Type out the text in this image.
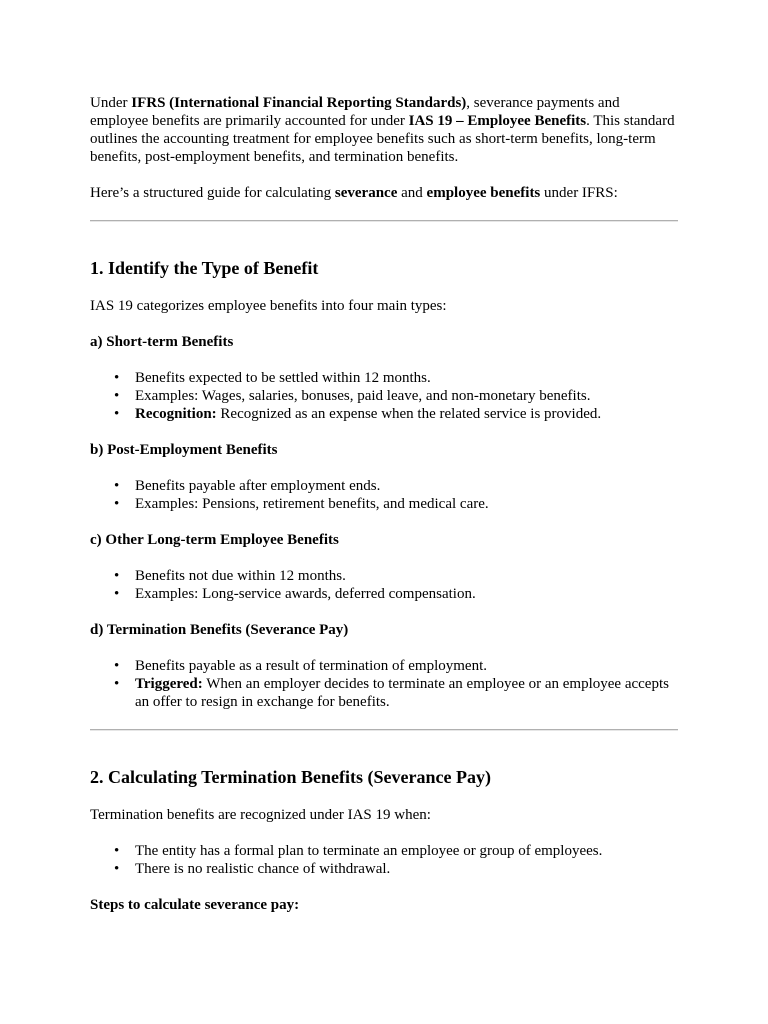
Under IFRS (International Financial Reporting Standards), severance payments and employee benefits are primarily accounted for under IAS 19 – Employee Benefits. This standard outlines the accounting treatment for employee benefits such as short-term benefits, long-term benefits, post-employment benefits, and termination benefits.

Here’s a structured guide for calculating severance and employee benefits under IFRS:

1. Identify the Type of Benefit

IAS 19 categorizes employee benefits into four main types:

a) Short-term Benefits

• Benefits expected to be settled within 12 months.
• Examples: Wages, salaries, bonuses, paid leave, and non-monetary benefits.
• Recognition: Recognized as an expense when the related service is provided.

b) Post-Employment Benefits

• Benefits payable after employment ends.
• Examples: Pensions, retirement benefits, and medical care.

c) Other Long-term Employee Benefits

• Benefits not due within 12 months.
• Examples: Long-service awards, deferred compensation.

d) Termination Benefits (Severance Pay)

• Benefits payable as a result of termination of employment.
• Triggered: When an employer decides to terminate an employee or an employee accepts an offer to resign in exchange for benefits.
2. Calculating Termination Benefits (Severance Pay)

Termination benefits are recognized under IAS 19 when:

• The entity has a formal plan to terminate an employee or group of employees.
• There is no realistic chance of withdrawal.

Steps to calculate severance pay:
